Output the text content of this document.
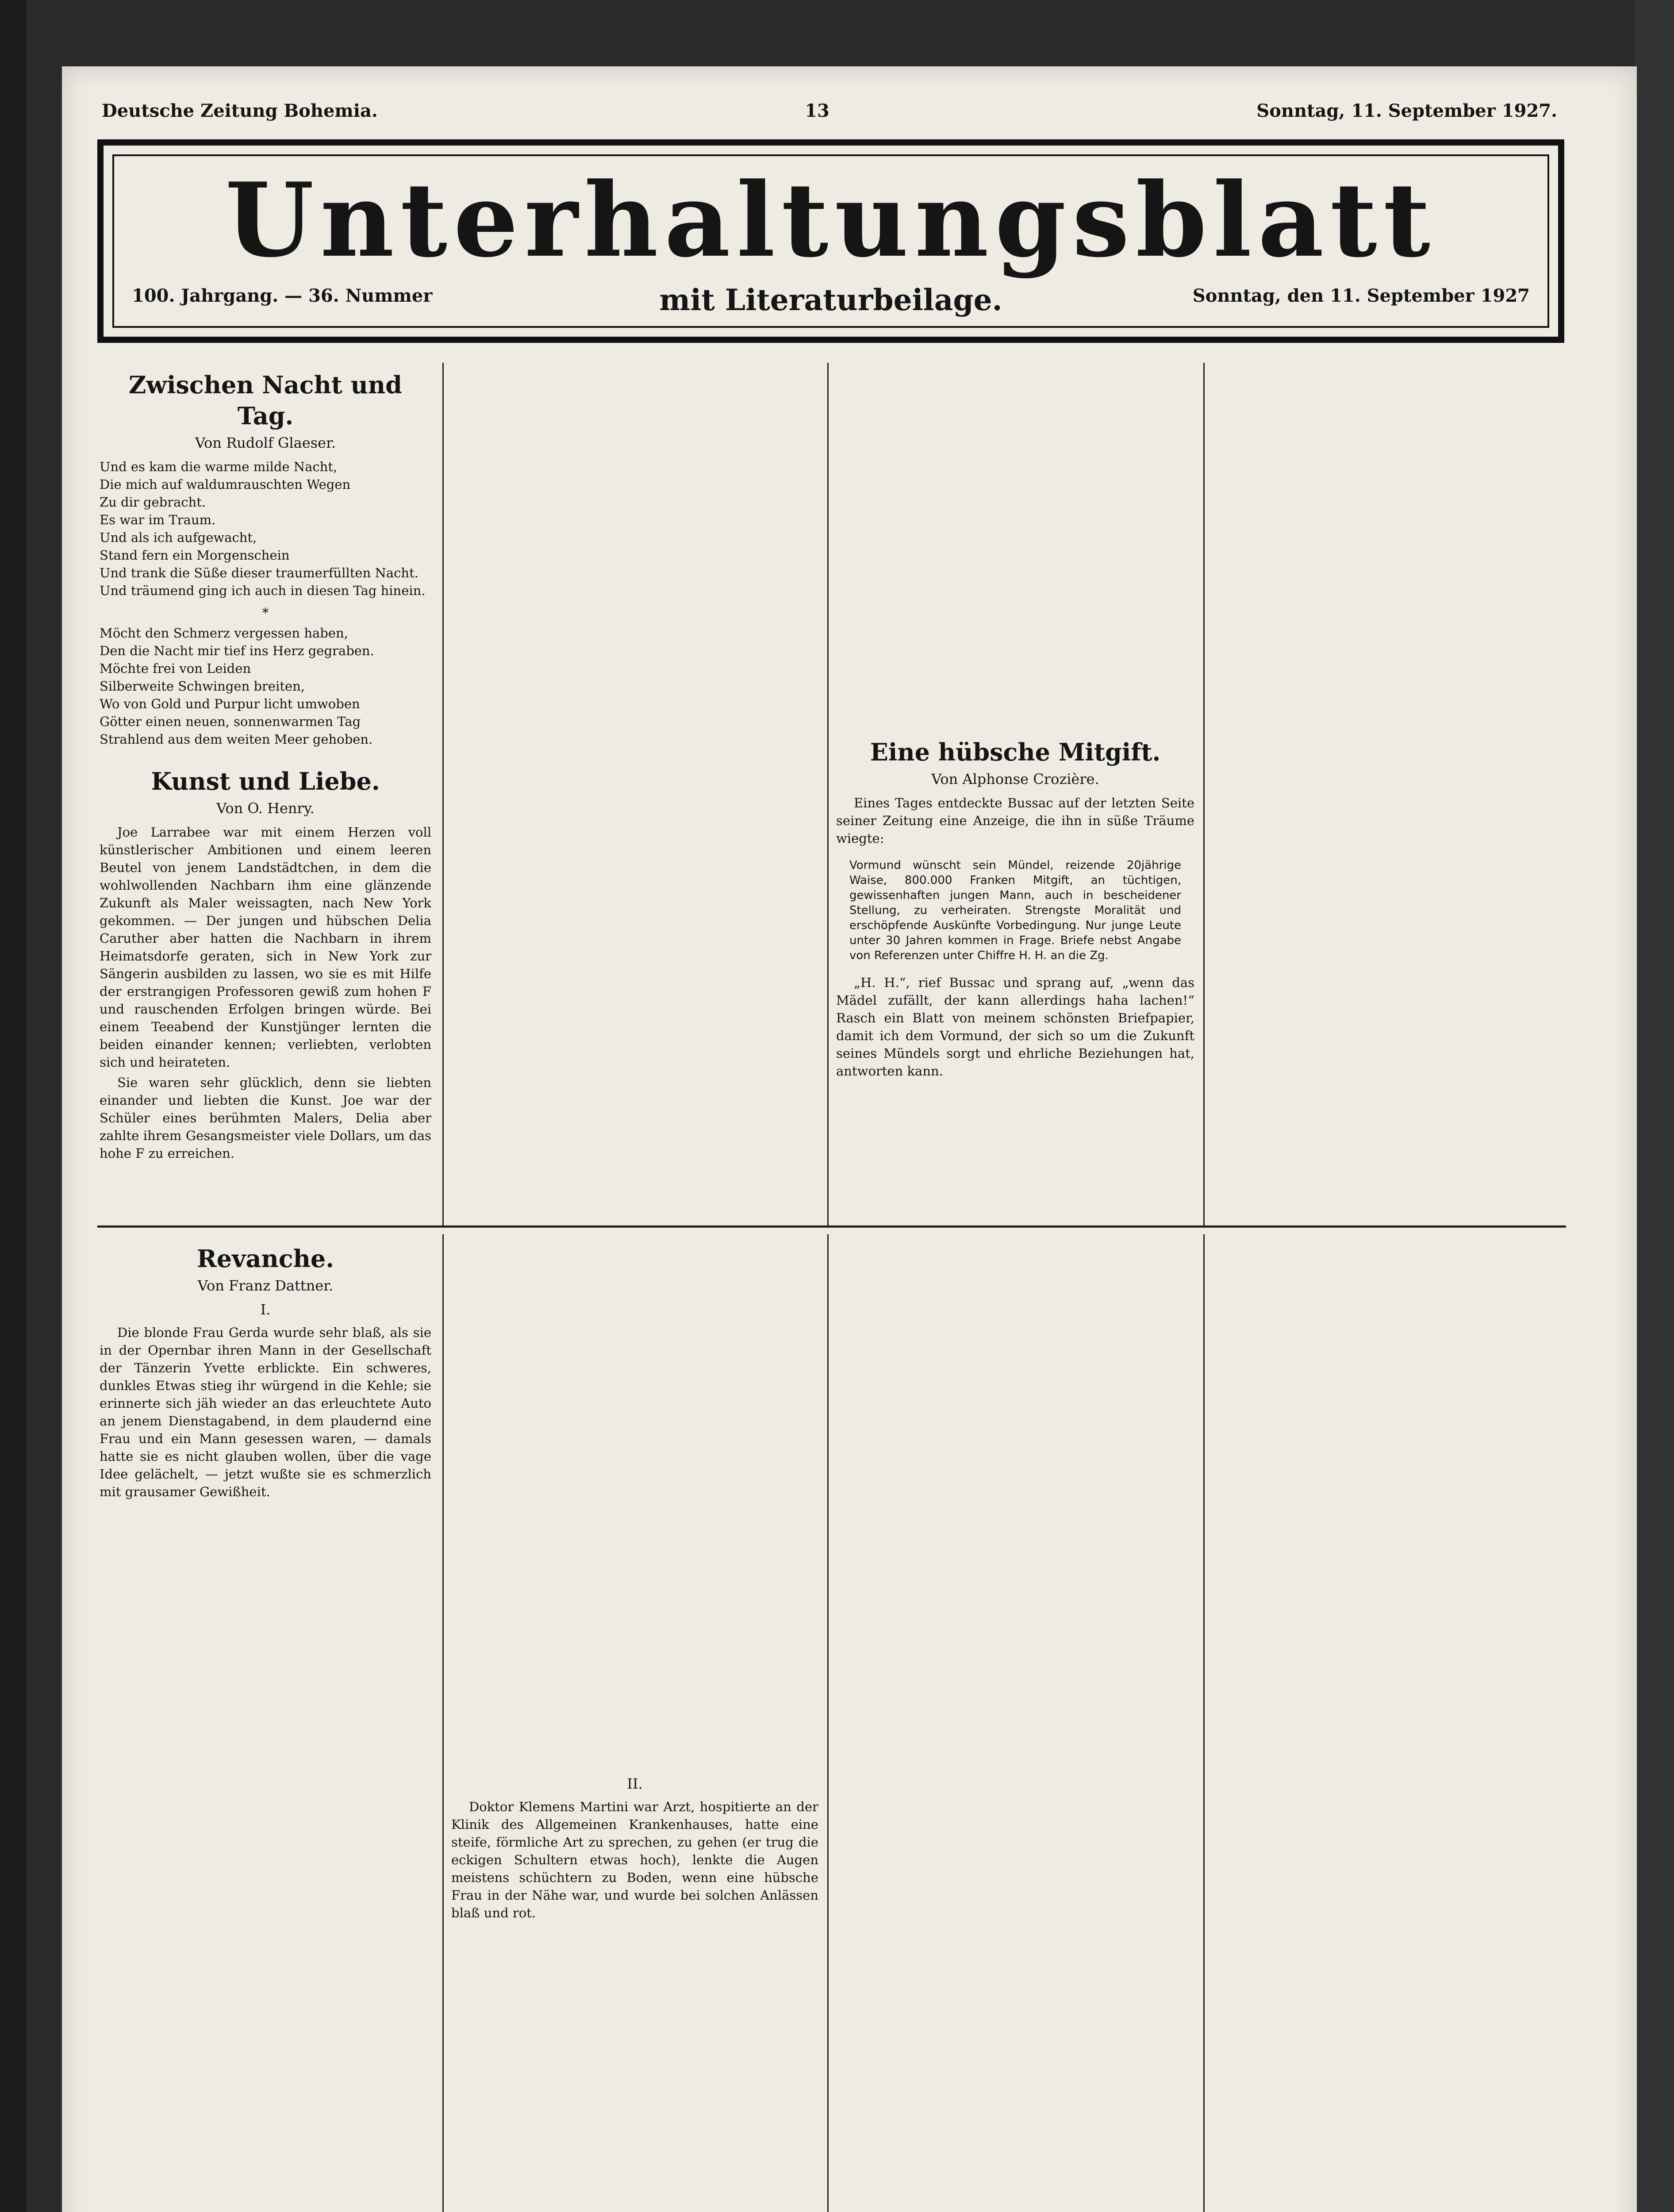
Deutsche Zeitung Bohemia.	13	Sonntag, 11. September 1927.
Unterhaltungsblatt
100. Jahrgang. — 36. Nummer	mit Literaturbeilage.	Sonntag, den 11. September 1927
Zwischen Nacht und Tag.
Von Rudolf Glaeser.

Und es kam die warme milde Nacht,

Die mich auf waldumrauschten Wegen

Zu dir gebracht.

Es war im Traum.

Und als ich aufgewacht,

Stand fern ein Morgenschein

Und trank die Süße dieser traumerfüllten Nacht.

Und träumend ging ich auch in diesen Tag hinein.

*

Möcht den Schmerz vergessen haben,

Den die Nacht mir tief ins Herz gegraben.

Möchte frei von Leiden

Silberweite Schwingen breiten,

Wo von Gold und Purpur licht umwoben

Götter einen neuen, sonnenwarmen Tag

Strahlend aus dem weiten Meer gehoben.

Kunst und Liebe.
Von O. Henry.

Joe Larrabee war mit einem Herzen voll künstlerischer Ambitionen und einem leeren Beutel von jenem Landstädtchen, in dem die wohlwollenden Nachbarn ihm eine glänzende Zukunft als Maler weissagten, nach New York gekommen. — Der jungen und hübschen Delia Caruther aber hatten die Nachbarn in ihrem Heimatsdorfe geraten, sich in New York zur Sängerin ausbilden zu lassen, wo sie es mit Hilfe der erstrangigen Professoren gewiß zum hohen F und rauschenden Erfolgen bringen würde. Bei einem Teeabend der Kunstjünger lernten die beiden einander kennen; verliebten, verlobten sich und heirateten.

Sie waren sehr glücklich, denn sie liebten einander und liebten die Kunst. Joe war der Schüler eines berühmten Malers, Delia aber zahlte ihrem Gesangsmeister viele Dollars, um das hohe F zu erreichen.

Eine hübsche Mitgift.
Von Alphonse Crozière.

Eines Tages entdeckte Bussac auf der letzten Seite seiner Zeitung eine Anzeige, die ihn in süße Träume wiegte:

Vormund wünscht sein Mündel, reizende 20jährige Waise, 800.000 Franken Mitgift, an tüchtigen, gewissenhaften jungen Mann, auch in bescheidener Stellung, zu verheiraten. Strengste Moralität und erschöpfende Auskünfte Vorbedingung. Nur junge Leute unter 30 Jahren kommen in Frage. Briefe nebst Angabe von Referenzen unter Chiffre H. H. an die Zg.

„H. H.“, rief Bussac und sprang auf, „wenn das Mädel zufällt, der kann allerdings haha lachen!“ Rasch ein Blatt von meinem schönsten Briefpapier, damit ich dem Vormund, der sich so um die Zukunft seines Mündels sorgt und ehrliche Beziehungen hat, antworten kann.

Revanche.
Von Franz Dattner.
I.

Die blonde Frau Gerda wurde sehr blaß, als sie in der Opernbar ihren Mann in der Gesellschaft der Tänzerin Yvette erblickte. Ein schweres, dunkles Etwas stieg ihr würgend in die Kehle; sie erinnerte sich jäh wieder an das erleuchtete Auto an jenem Dienstagabend, in dem plaudernd eine Frau und ein Mann gesessen waren, — damals hatte sie es nicht glauben wollen, über die vage Idee gelächelt, — jetzt wußte sie es schmerzlich mit grausamer Gewißheit.

II.

Doktor Klemens Martini war Arzt, hospitierte an der Klinik des Allgemeinen Krankenhauses, hatte eine steife, förmliche Art zu sprechen, zu gehen (er trug die eckigen Schultern etwas hoch), lenkte die Augen meistens schüchtern zu Boden, wenn eine hübsche Frau in der Nähe war, und wurde bei solchen Anlässen blaß und rot.
